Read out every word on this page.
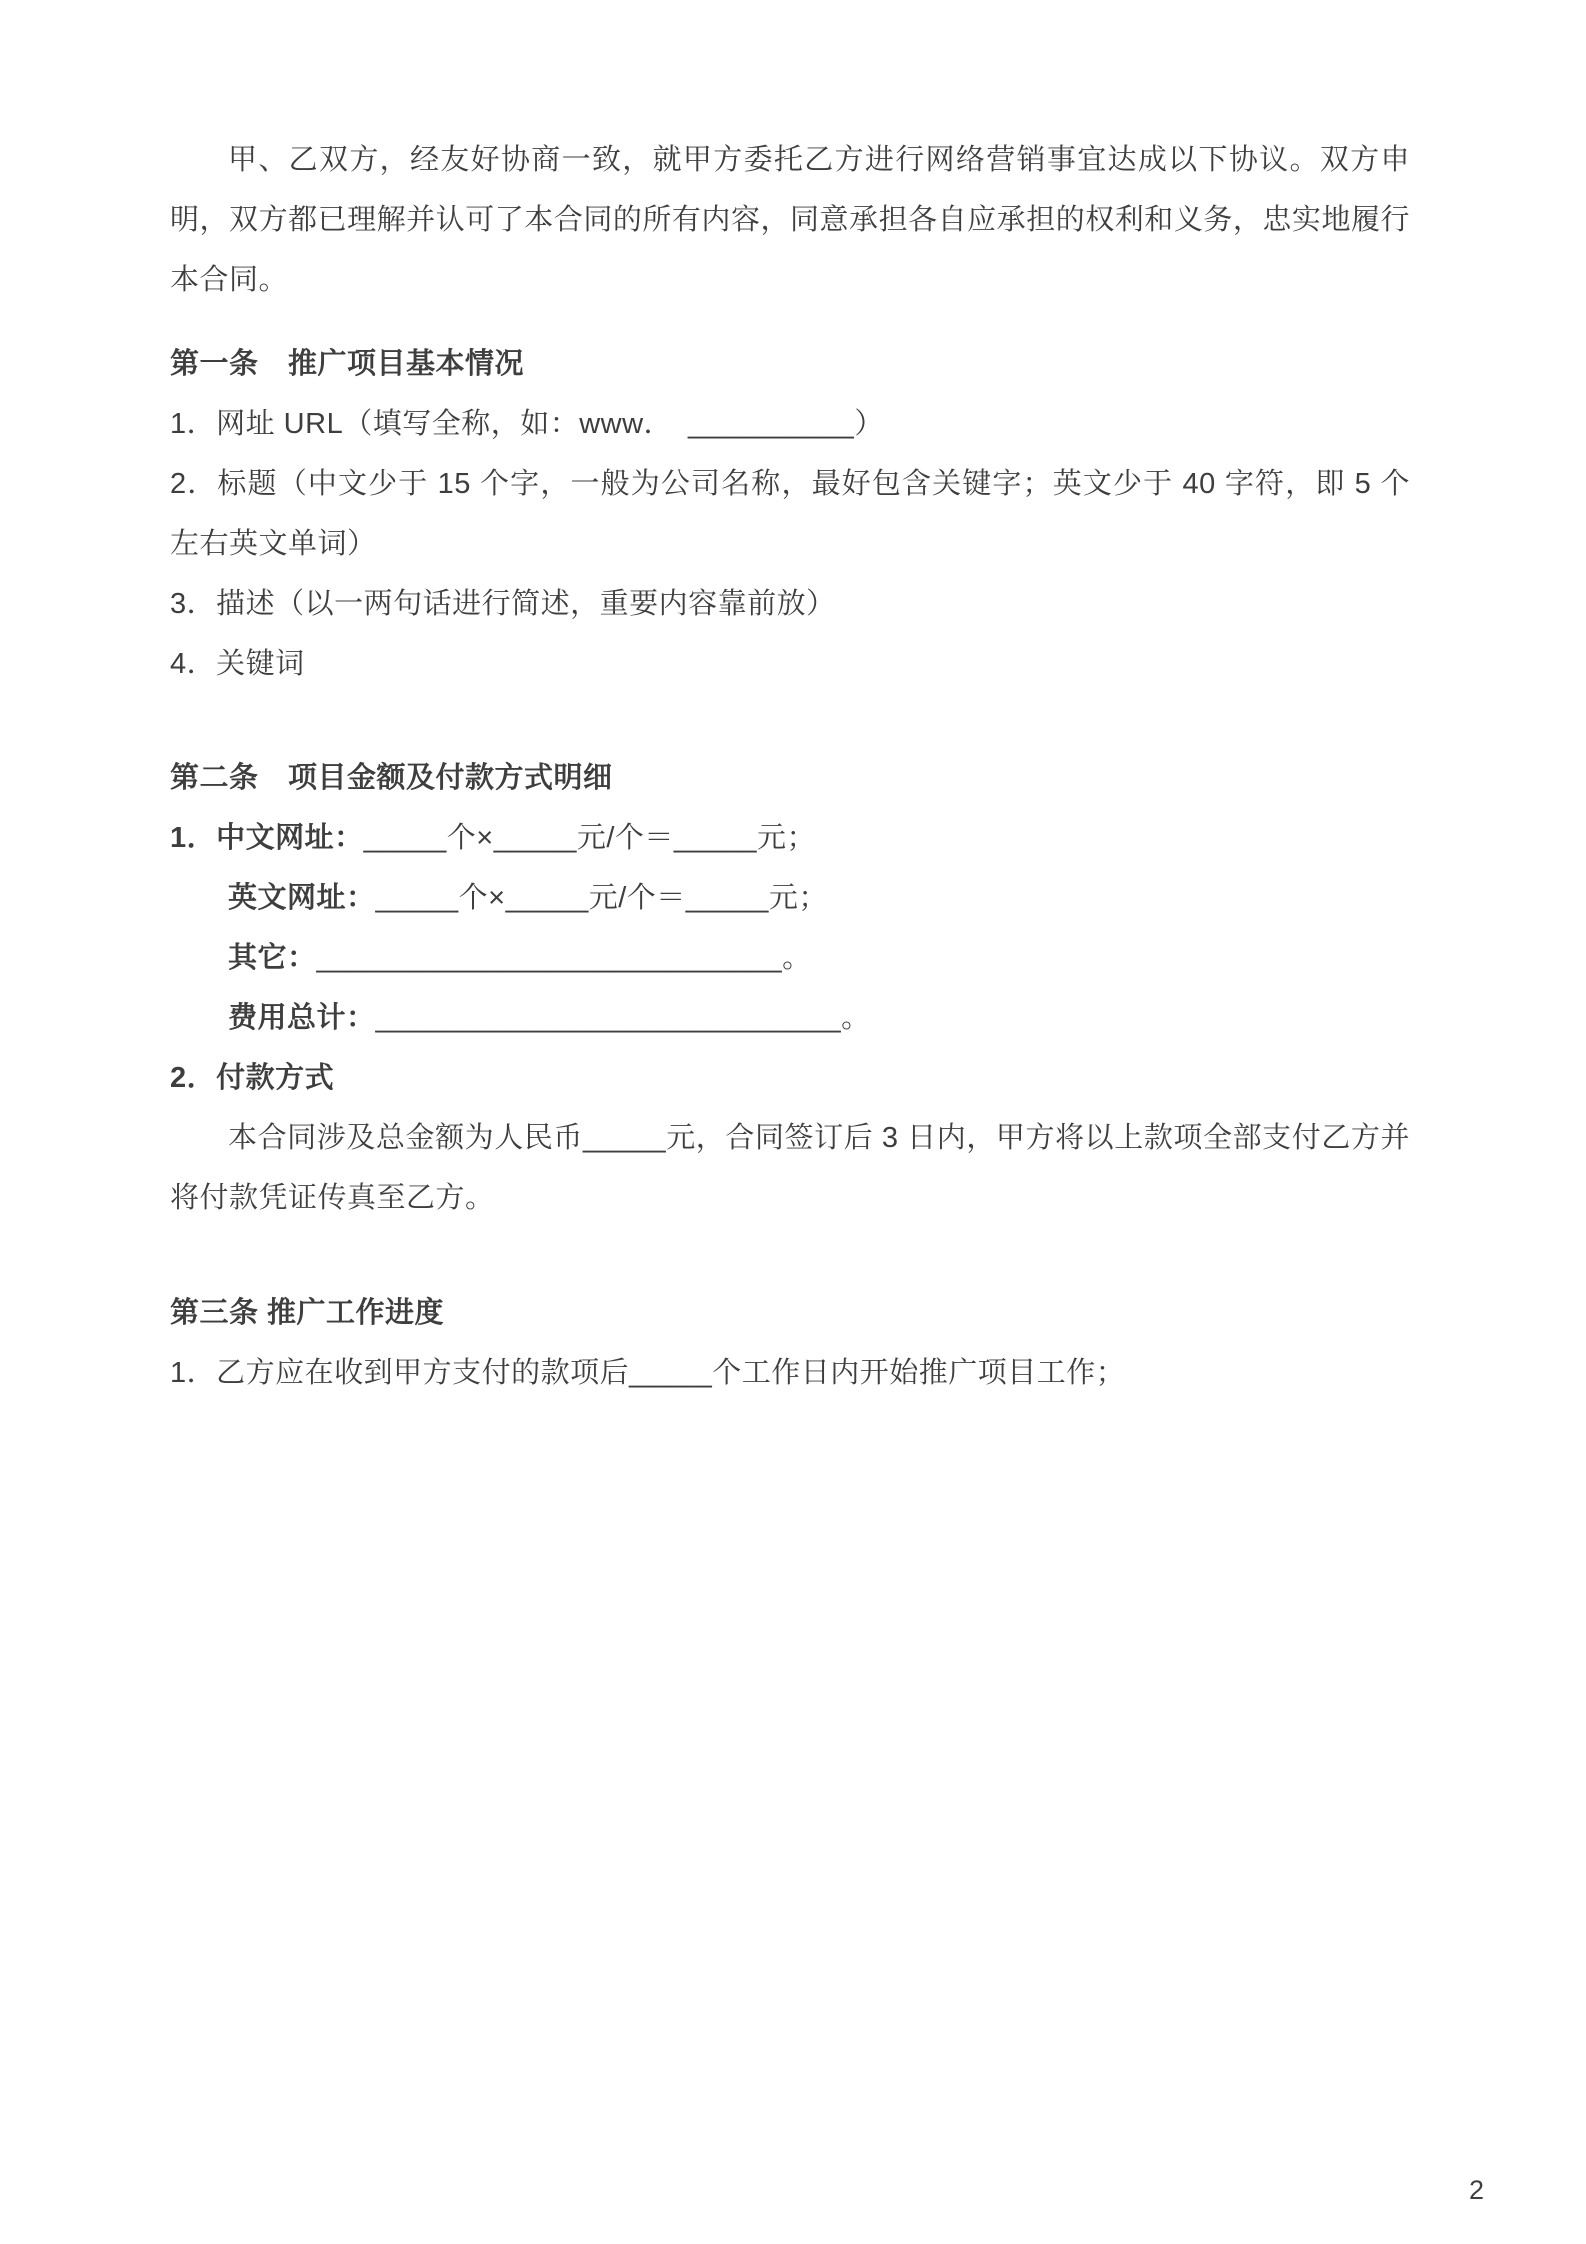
甲、乙双方，经友好协商一致，就甲方委托乙方进行网络营销事宜达成以下协议。双方申明，双方都已理解并认可了本合同的所有内容，同意承担各自应承担的权利和义务，忠实地履行本合同。

第一条　推广项目基本情况

1．网址 URL（填写全称，如：www．　__________）

2．标题（中文少于 15 个字，一般为公司名称，最好包含关键字；英文少于 40 字符，即 5 个左右英文单词）

3．描述（以一两句话进行简述，重要内容靠前放）

4．关键词

第二条　项目金额及付款方式明细

1．中文网址：_____个×_____元/个＝_____元；

英文网址：_____个×_____元/个＝_____元；

其它：____________________________。

费用总计：____________________________。

2．付款方式

本合同涉及总金额为人民币_____元，合同签订后 3 日内，甲方将以上款项全部支付乙方并将付款凭证传真至乙方。

第三条 推广工作进度

1．乙方应在收到甲方支付的款项后_____个工作日内开始推广项目工作；

2
